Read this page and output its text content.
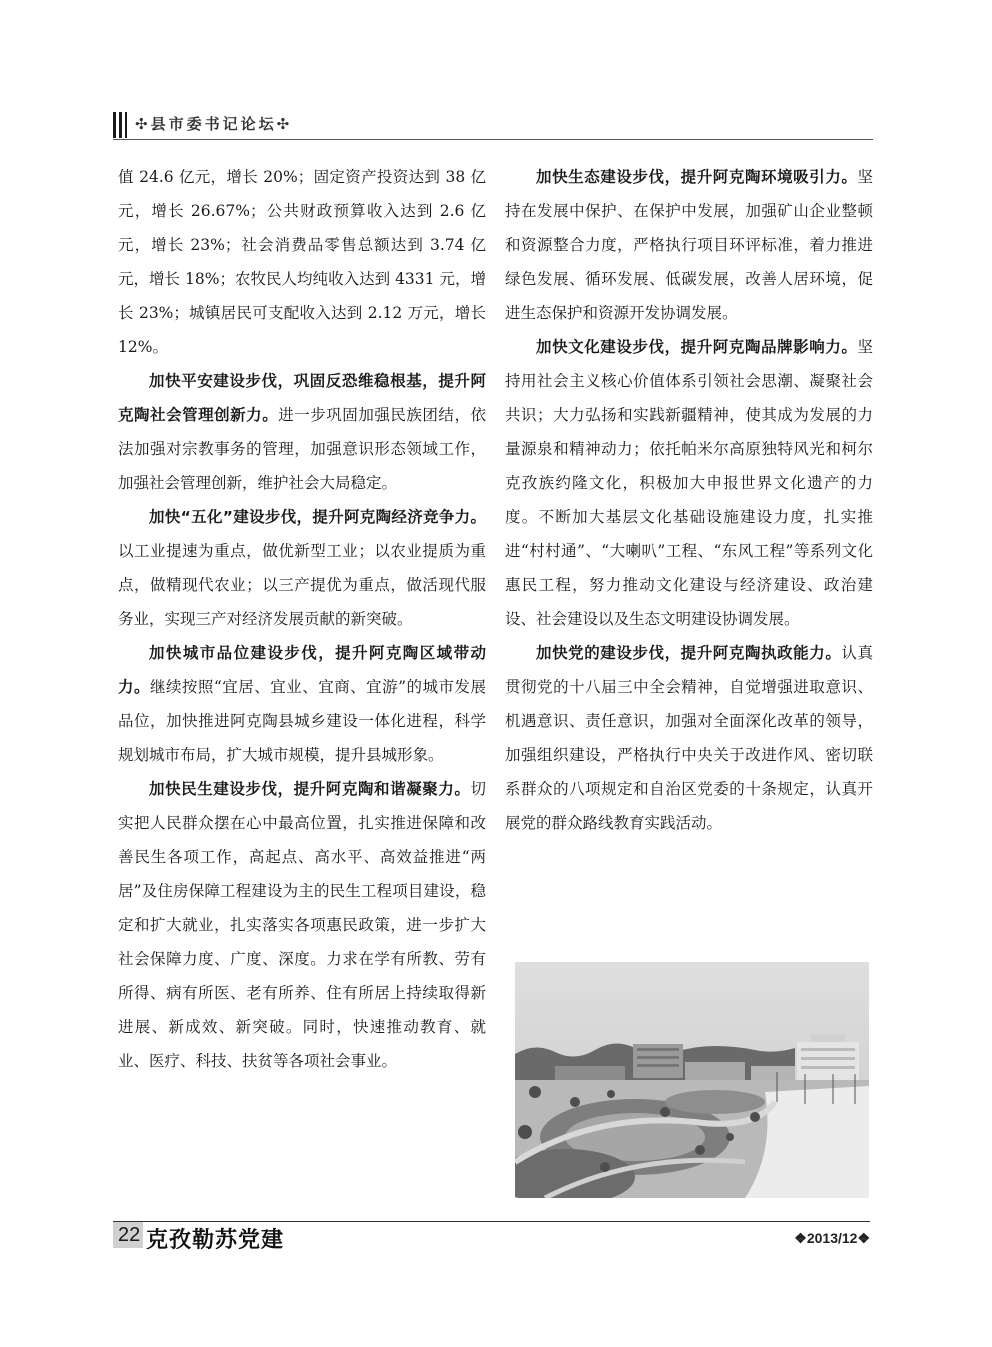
✣县市委书记论坛✣

值 24.6 亿元，增长 20%；固定资产投资达到 38 亿元，增长 26.67%；公共财政预算收入达到 2.6 亿元，增长 23%；社会消费品零售总额达到 3.74 亿元，增长 18%；农牧民人均纯收入达到 4331 元，增长 23%；城镇居民可支配收入达到 2.12 万元，增长 12%。

加快平安建设步伐，巩固反恐维稳根基，提升阿克陶社会管理创新力。进一步巩固加强民族团结，依法加强对宗教事务的管理，加强意识形态领域工作，加强社会管理创新，维护社会大局稳定。

加快“五化”建设步伐，提升阿克陶经济竞争力。以工业提速为重点，做优新型工业；以农业提质为重点，做精现代农业；以三产提优为重点，做活现代服务业，实现三产对经济发展贡献的新突破。

加快城市品位建设步伐，提升阿克陶区域带动力。继续按照“宜居、宜业、宜商、宜游”的城市发展品位，加快推进阿克陶县城乡建设一体化进程，科学规划城市布局，扩大城市规模，提升县城形象。

加快民生建设步伐，提升阿克陶和谐凝聚力。切实把人民群众摆在心中最高位置，扎实推进保障和改善民生各项工作，高起点、高水平、高效益推进“两居”及住房保障工程建设为主的民生工程项目建设，稳定和扩大就业，扎实落实各项惠民政策，进一步扩大社会保障力度、广度、深度。力求在学有所教、劳有所得、病有所医、老有所养、住有所居上持续取得新进展、新成效、新突破。同时，快速推动教育、就业、医疗、科技、扶贫等各项社会事业。

加快生态建设步伐，提升阿克陶环境吸引力。坚持在发展中保护、在保护中发展，加强矿山企业整顿和资源整合力度，严格执行项目环评标准，着力推进绿色发展、循环发展、低碳发展，改善人居环境，促进生态保护和资源开发协调发展。

加快文化建设步伐，提升阿克陶品牌影响力。坚持用社会主义核心价值体系引领社会思潮、凝聚社会共识；大力弘扬和实践新疆精神，使其成为发展的力量源泉和精神动力；依托帕米尔高原独特风光和柯尔克孜族约隆文化，积极加大申报世界文化遗产的力度。不断加大基层文化基础设施建设力度，扎实推进“村村通”、“大喇叭”工程、“东风工程”等系列文化惠民工程，努力推动文化建设与经济建设、政治建设、社会建设以及生态文明建设协调发展。

加快党的建设步伐，提升阿克陶执政能力。认真贯彻党的十八届三中全会精神，自觉增强进取意识、机遇意识、责任意识，加强对全面深化改革的领导，加强组织建设，严格执行中央关于改进作风、密切联系群众的八项规定和自治区党委的十条规定，认真开展党的群众路线教育实践活动。

22 克孜勒苏党建	❖2013/12❖
